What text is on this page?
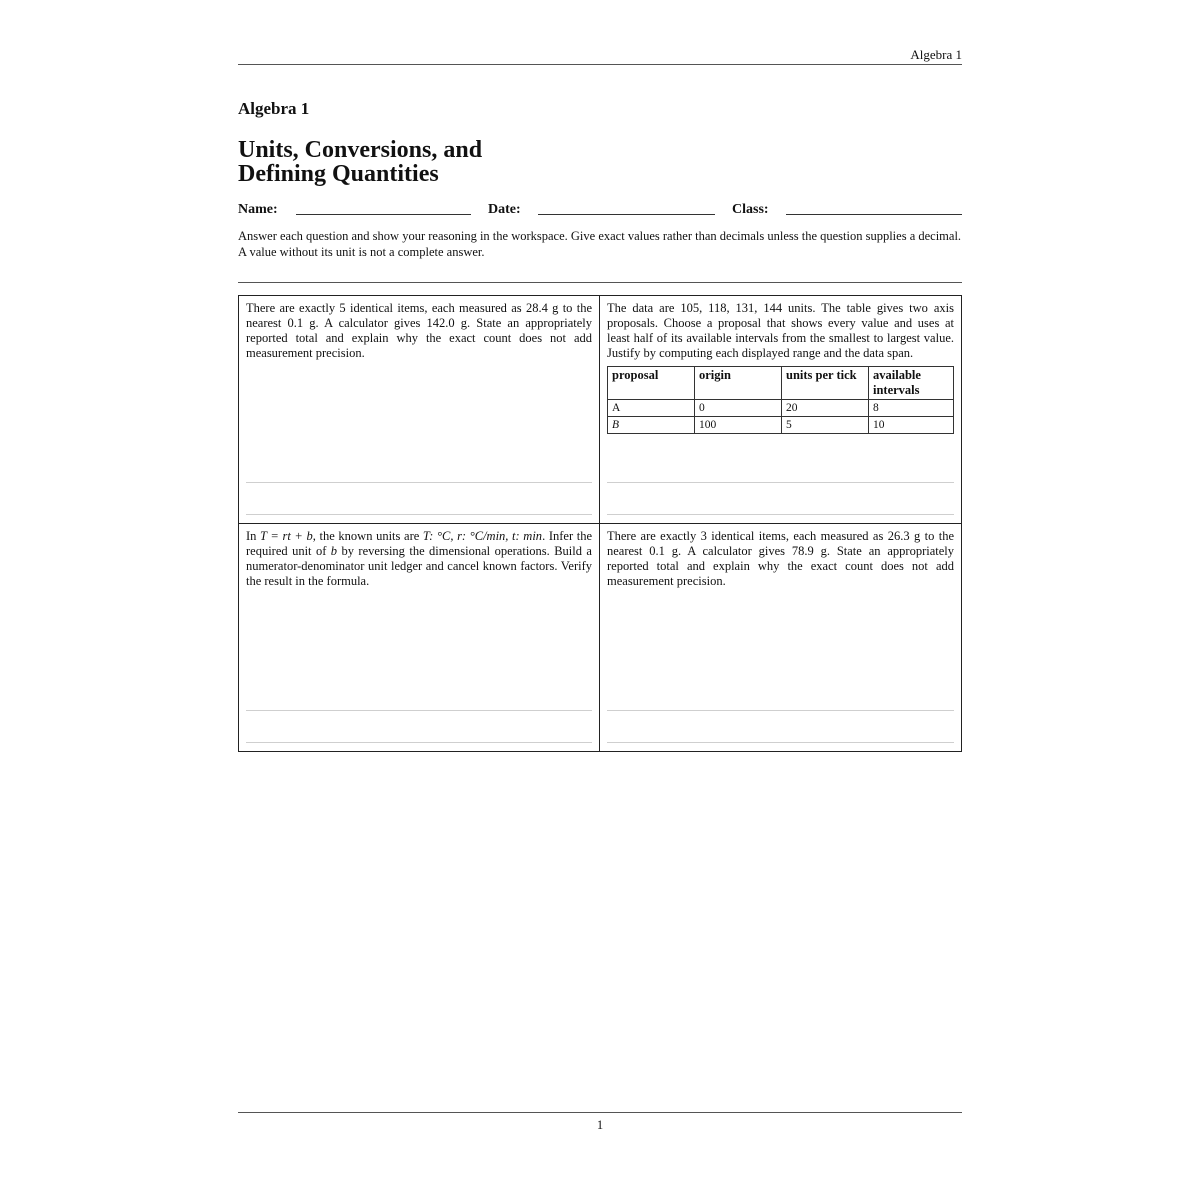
Algebra 1
Algebra 1
Units, Conversions, and
Defining Quantities
Name:	Date:	Class:
Answer each question and show your reasoning in the workspace. Give exact values rather than decimals unless the question supplies a decimal. A value without its unit is not a complete answer.
There are exactly 5 identical items, each measured as 28.4 g to the nearest 0.1 g. A calculator gives 142.0 g. State an appropriately reported total and explain why the exact count does not add measurement precision.
The data are 105, 118, 131, 144 units. The table gives two axis proposals. Choose a proposal that shows every value and uses at least half of its available intervals from the smallest to largest value. Justify by computing each displayed range and the data span.
proposal	origin	units per tick	available intervals
A	0	20	8
B	100	5	10
In T = rt + b, the known units are T: °C, r: °C/min, t: min. Infer the required unit of b by reversing the dimensional operations. Build a numerator-denominator unit ledger and cancel known factors. Verify the result in the formula.
There are exactly 3 identical items, each measured as 26.3 g to the nearest 0.1 g. A calculator gives 78.9 g. State an appropriately reported total and explain why the exact count does not add measurement precision.
1
